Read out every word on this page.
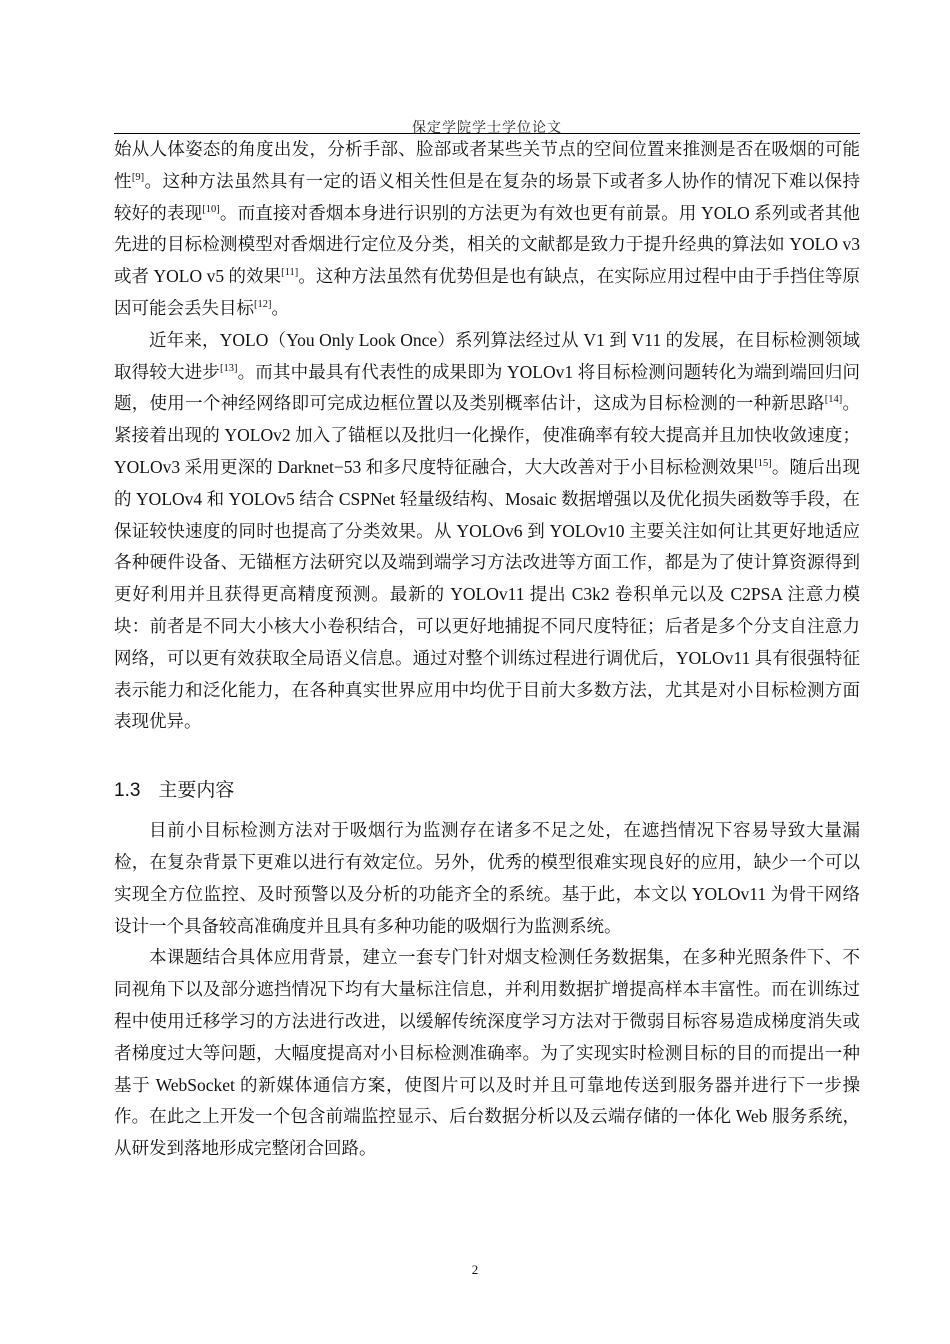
保定学院学士学位论文

始从人体姿态的角度出发，分析手部、脸部或者某些关节点的空间位置来推测是否在吸烟的可能性[9]。这种方法虽然具有一定的语义相关性但是在复杂的场景下或者多人协作的情况下难以保持较好的表现[10]。而直接对香烟本身进行识别的方法更为有效也更有前景。用 YOLO 系列或者其他先进的目标检测模型对香烟进行定位及分类，相关的文献都是致力于提升经典的算法如 YOLO v3 或者 YOLO v5 的效果[11]。这种方法虽然有优势但是也有缺点，在实际应用过程中由于手挡住等原因可能会丢失目标[12]。

近年来，YOLO（You Only Look Once）系列算法经过从 V1 到 V11 的发展，在目标检测领域取得较大进步[13]。而其中最具有代表性的成果即为 YOLOv1 将目标检测问题转化为端到端回归问题，使用一个神经网络即可完成边框位置以及类别概率估计，这成为目标检测的一种新思路[14]。紧接着出现的 YOLOv2 加入了锚框以及批归一化操作，使准确率有较大提高并且加快收敛速度；YOLOv3 采用更深的 Darknet−53 和多尺度特征融合，大大改善对于小目标检测效果[15]。随后出现的 YOLOv4 和 YOLOv5 结合 CSPNet 轻量级结构、Mosaic 数据增强以及优化损失函数等手段，在保证较快速度的同时也提高了分类效果。从 YOLOv6 到 YOLOv10 主要关注如何让其更好地适应各种硬件设备、无锚框方法研究以及端到端学习方法改进等方面工作，都是为了使计算资源得到更好利用并且获得更高精度预测。最新的 YOLOv11 提出 C3k2 卷积单元以及 C2PSA 注意力模块：前者是不同大小核大小卷积结合，可以更好地捕捉不同尺度特征；后者是多个分支自注意力网络，可以更有效获取全局语义信息。通过对整个训练过程进行调优后，YOLOv11 具有很强特征表示能力和泛化能力，在各种真实世界应用中均优于目前大多数方法，尤其是对小目标检测方面表现优异。

1.3 主要内容

目前小目标检测方法对于吸烟行为监测存在诸多不足之处，在遮挡情况下容易导致大量漏检，在复杂背景下更难以进行有效定位。另外，优秀的模型很难实现良好的应用，缺少一个可以实现全方位监控、及时预警以及分析的功能齐全的系统。基于此，本文以 YOLOv11 为骨干网络设计一个具备较高准确度并且具有多种功能的吸烟行为监测系统。

本课题结合具体应用背景，建立一套专门针对烟支检测任务数据集，在多种光照条件下、不同视角下以及部分遮挡情况下均有大量标注信息，并利用数据扩增提高样本丰富性。而在训练过程中使用迁移学习的方法进行改进，以缓解传统深度学习方法对于微弱目标容易造成梯度消失或者梯度过大等问题，大幅度提高对小目标检测准确率。为了实现实时检测目标的目的而提出一种基于 WebSocket 的新媒体通信方案，使图片可以及时并且可靠地传送到服务器并进行下一步操作。在此之上开发一个包含前端监控显示、后台数据分析以及云端存储的一体化 Web 服务系统，从研发到落地形成完整闭合回路。

2
